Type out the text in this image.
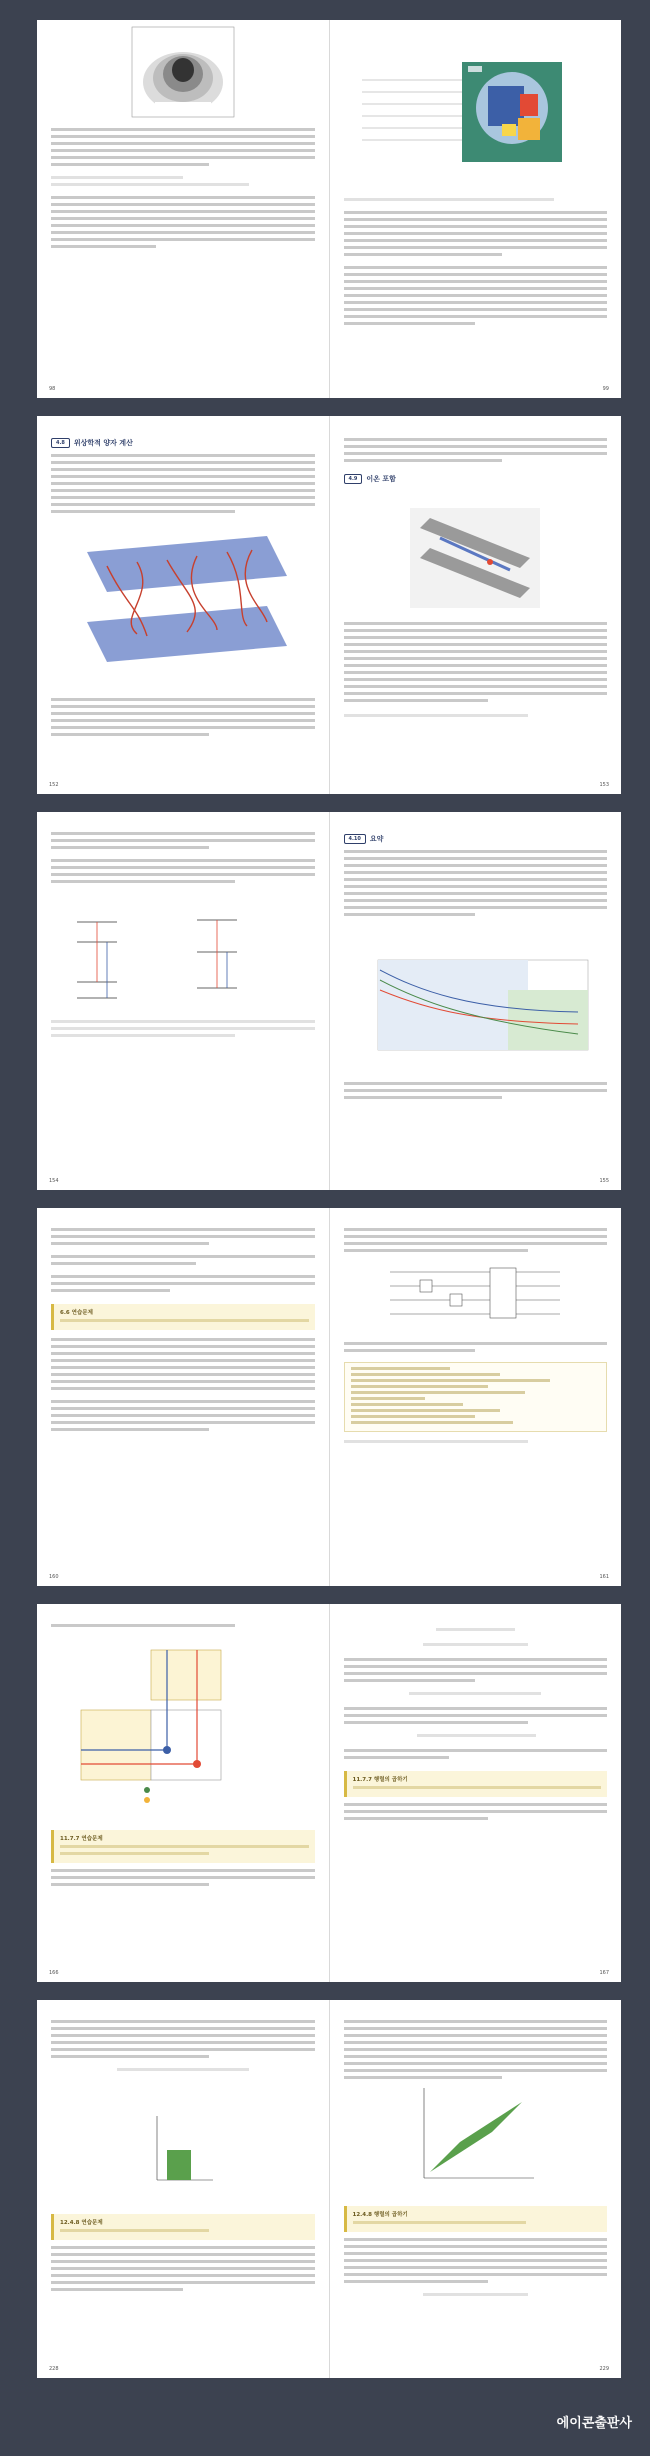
98	99
4.8	위상학적 양자 계산

152
4.9	이온 포함
153
154
4.10	요약
155
6.6 연습문제
160	161
11.7.7 연습문제
166
11.7.7 행렬의 곱하기
167
12.4.8 연습문제
228
12.4.8 행렬의 곱하기
229
에이콘출판사
